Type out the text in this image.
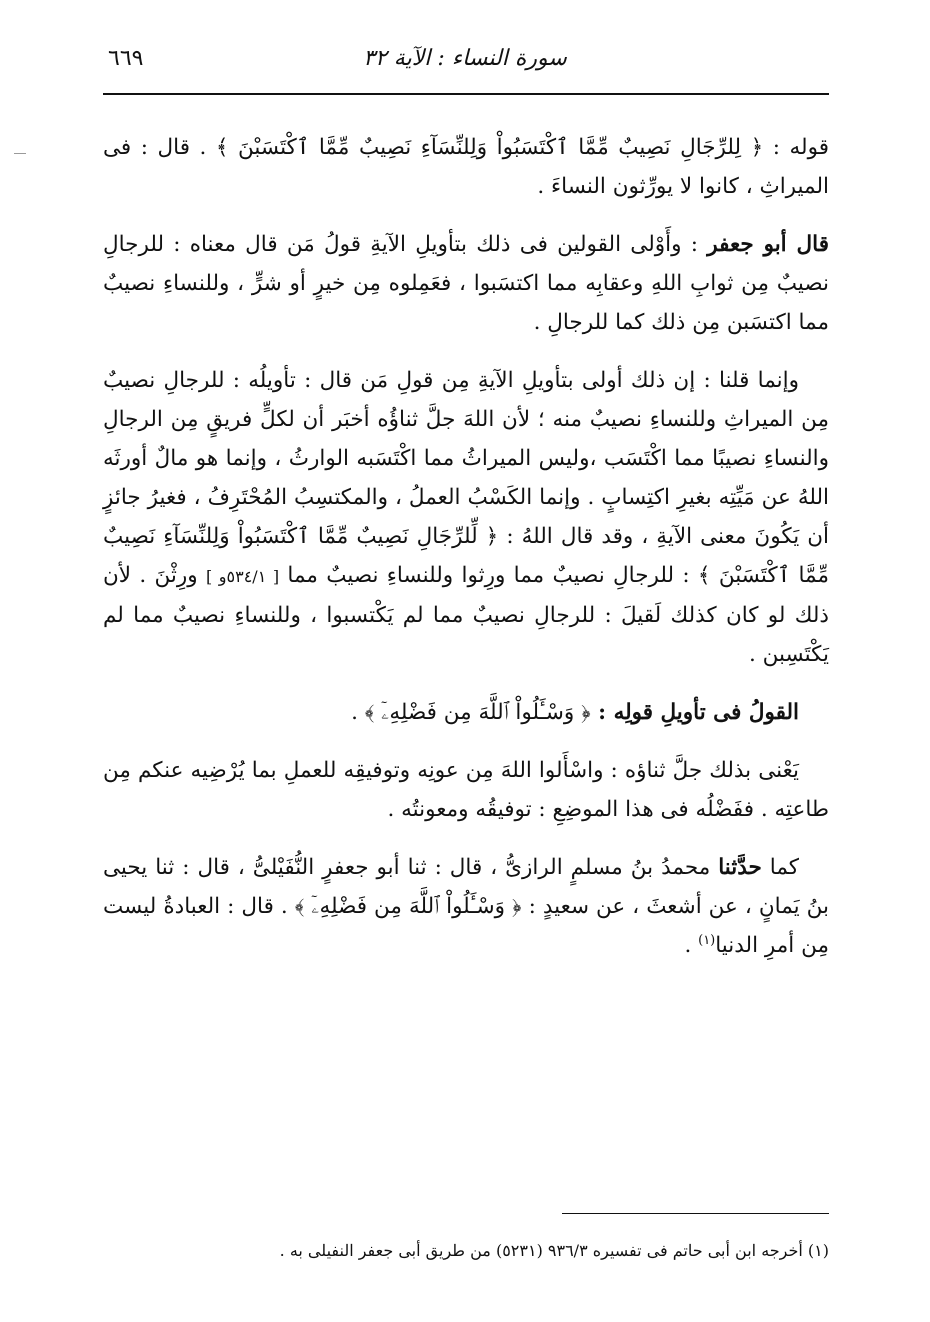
٦٦٩	سورة النساء : الآية ٣٢

قوله : ﴿ لِلرِّجَالِ نَصِيبٌ مِّمَّا ٱكْتَسَبُواْ وَلِلنِّسَآءِ نَصِيبٌ مِّمَّا ٱكْتَسَبْنَ ﴾ . قال : فى الميراثِ ، كانوا لا يورِّثون النساءَ .

قال أبو جعفر : وأَوْلى القولين فى ذلك بتأويلِ الآيةِ قولُ مَن قال معناه : للرجالِ نصيبٌ مِن ثوابِ اللهِ وعقابِه مما اكتسَبوا ، فعَمِلوه مِن خيرٍ أو شرٍّ ، وللنساءِ نصيبٌ مما اكتسَبن مِن ذلك كما للرجالِ .

وإنما قلنا : إن ذلك أولى بتأويلِ الآيةِ مِن قولِ مَن قال : تأويلُه : للرجالِ نصيبٌ مِن الميراثِ وللنساءِ نصيبٌ منه ؛ لأن اللهَ جلَّ ثناؤُه أخبَر أن لكلٍّ فريقٍ مِن الرجالِ والنساءِ نصيبًا مما اكْتَسَب ،وليس الميراثُ مما اكْتَسَبه الوارثُ ، وإنما هو مالٌ أورثَه اللهُ عن مَيِّتِه بغيرِ اكتِسابٍ . وإنما الكَسْبُ العملُ ، والمكتسِبُ المُحْتَرِفُ ، فغيرُ جائزٍ أن يَكُونَ معنى الآيةِ ، وقد قال اللهُ : ﴿ لِّلرِّجَالِ نَصِيبٌ مِّمَّا ٱكْتَسَبُواْ وَلِلنِّسَآءِ نَصِيبٌ مِّمَّا ٱكْتَسَبْنَ ﴾ : للرجالِ نصيبٌ مما ورِثوا وللنساءِ نصيبٌ مما [ ٥٣٤/١و ] ورِثْنَ . لأن ذلك لو كان كذلك لَقيلَ : للرجالِ نصيبٌ مما لم يَكْتسبوا ، وللنساءِ نصيبٌ مما لم يَكْتَسِبن .

القولُ فى تأويلِ قولِه : ﴿ وَسْـَٔلُواْ ٱللَّهَ مِن فَضْلِهِۦٓ ﴾ .

يَعْنى بذلك جلَّ ثناؤه : واسْأَلوا اللهَ مِن عونِه وتوفيقِه للعملِ بما يُرْضِيه عنكم مِن طاعتِه . ففَضْلُه فى هذا الموضِعِ : توفيقُه ومعونتُه .

كما حدَّثنا محمدُ بنُ مسلمٍ الرازىُّ ، قال : ثنا أبو جعفرٍ النُّفَيْلىُّ ، قال : ثنا يحيى بنُ يَمانٍ ، عن أشعثَ ، عن سعيدٍ : ﴿ وَسْـَٔلُواْ ٱللَّهَ مِن فَضْلِهِۦٓ ﴾ . قال : العبادةُ ليست مِن أمرِ الدنيا$^{(١)}$ .

(١) أخرجه ابن أبى حاتم فى تفسيره ٩٣٦/٣ (٥٢٣١) من طريق أبى جعفر النفيلى به .
